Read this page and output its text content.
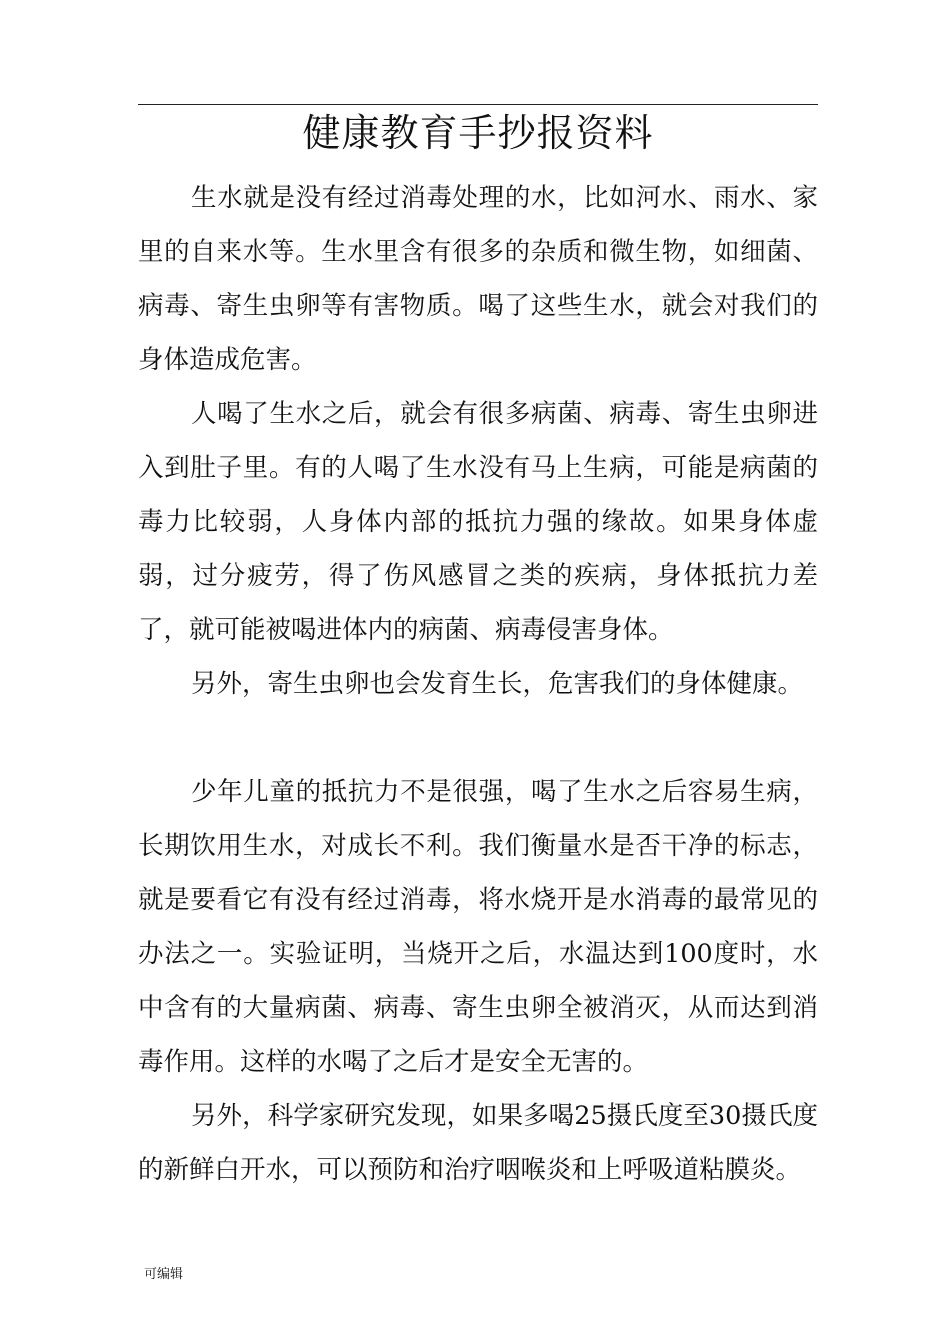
健康教育手抄报资料

生水就是没有经过消毒处理的水，比如河水、雨水、家里的自来水等。生水里含有很多的杂质和微生物，如细菌、病毒、寄生虫卵等有害物质。喝了这些生水，就会对我们的身体造成危害。

人喝了生水之后，就会有很多病菌、病毒、寄生虫卵进入到肚子里。有的人喝了生水没有马上生病，可能是病菌的毒力比较弱，人身体内部的抵抗力强的缘故。如果身体虚弱，过分疲劳，得了伤风感冒之类的疾病，身体抵抗力差了，就可能被喝进体内的病菌、病毒侵害身体。

另外，寄生虫卵也会发育生长，危害我们的身体健康。

少年儿童的抵抗力不是很强，喝了生水之后容易生病，长期饮用生水，对成长不利。我们衡量水是否干净的标志，就是要看它有没有经过消毒，将水烧开是水消毒的最常见的办法之一。实验证明，当烧开之后，水温达到100度时，水中含有的大量病菌、病毒、寄生虫卵全被消灭，从而达到消毒作用。这样的水喝了之后才是安全无害的。

另外，科学家研究发现，如果多喝25摄氏度至30摄氏度的新鲜白开水，可以预防和治疗咽喉炎和上呼吸道粘膜炎。

可编辑
